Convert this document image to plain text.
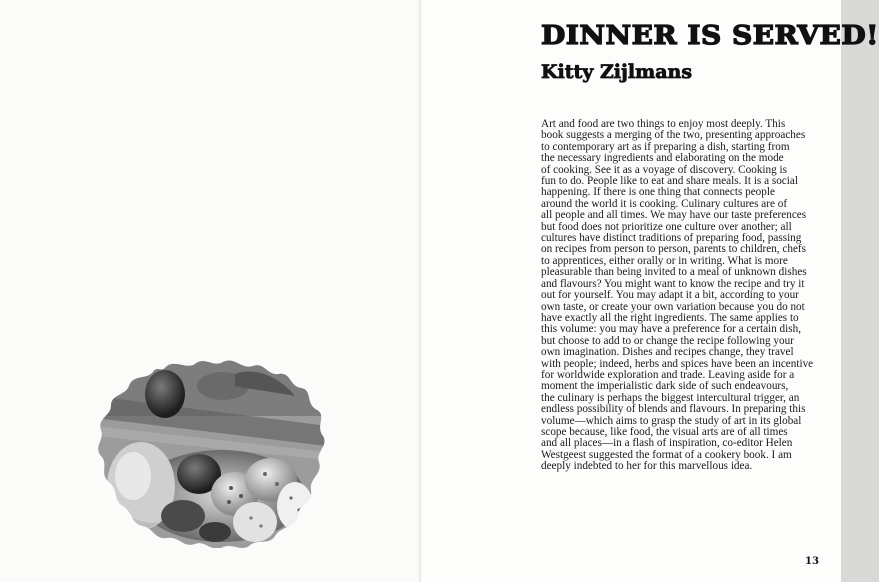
DINNER IS SERVED!
Kitty Zijlmans

Art and food are two things to enjoy most deeply. This
book suggests a merging of the two, presenting approaches
to contemporary art as if preparing a dish, starting from
the necessary ingredients and elaborating on the mode
of cooking. See it as a voyage of discovery. Cooking is
fun to do. People like to eat and share meals. It is a social
happening. If there is one thing that connects people
around the world it is cooking. Culinary cultures are of
all people and all times. We may have our taste preferences
but food does not prioritize one culture over another; all
cultures have distinct traditions of preparing food, passing
on recipes from person to person, parents to children, chefs
to apprentices, either orally or in writing. What is more
pleasurable than being invited to a meal of unknown dishes
and flavours? You might want to know the recipe and try it
out for yourself. You may adapt it a bit, according to your
own taste, or create your own variation because you do not
have exactly all the right ingredients. The same applies to
this volume: you may have a preference for a certain dish,
but choose to add to or change the recipe following your
own imagination. Dishes and recipes change, they travel
with people; indeed, herbs and spices have been an incentive
for worldwide exploration and trade. Leaving aside for a
moment the imperialistic dark side of such endeavours,
the culinary is perhaps the biggest intercultural trigger, an
endless possibility of blends and flavours. In preparing this
volume—which aims to grasp the study of art in its global
scope because, like food, the visual arts are of all times
and all places—in a flash of inspiration, co-editor Helen
Westgeest suggested the format of a cookery book. I am
deeply indebted to her for this marvellous idea.

13
